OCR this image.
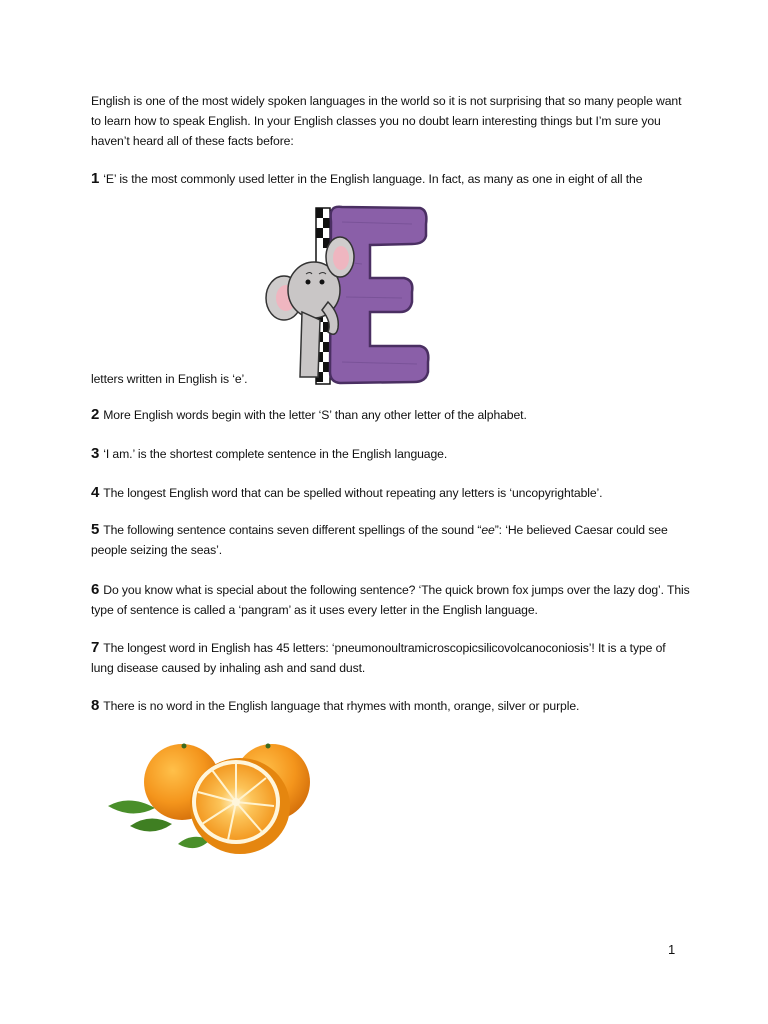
English is one of the most widely spoken languages in the world so it is not surprising that so many people want to learn how to speak English. In your English classes you no doubt learn interesting things but I’m sure you haven’t heard all of these facts before:

1 ‘E’ is the most commonly used letter in the English language. In fact, as many as one in eight of all the

letters written in English is ‘e’.

2 More English words begin with the letter ‘S’ than any other letter of the alphabet.

3 ‘I am.’ is the shortest complete sentence in the English language.

4 The longest English word that can be spelled without repeating any letters is ‘uncopyrightable’.

5 The following sentence contains seven different spellings of the sound “ee”: ‘He believed Caesar could see people seizing the seas’.

6 Do you know what is special about the following sentence? ‘The quick brown fox jumps over the lazy dog’. This type of sentence is called a ‘pangram’ as it uses every letter in the English language.

7 The longest word in English has 45 letters: ‘pneumonoultramicroscopicsilicovolcanoconiosis’! It is a type of lung disease caused by inhaling ash and sand dust.

8 There is no word in the English language that rhymes with month, orange, silver or purple.

1
